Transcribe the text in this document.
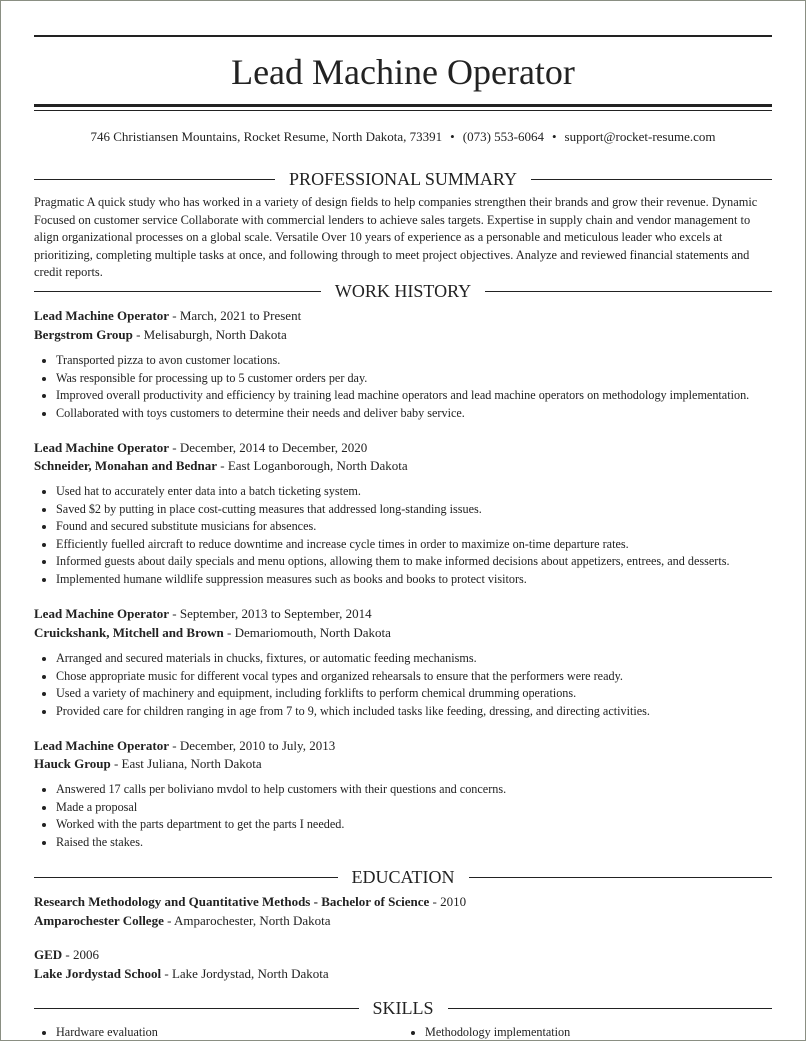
Lead Machine Operator
746 Christiansen Mountains, Rocket Resume, North Dakota, 73391 • (073) 553-6064 • support@rocket-resume.com
PROFESSIONAL SUMMARY
Pragmatic A quick study who has worked in a variety of design fields to help companies strengthen their brands and grow their revenue. Dynamic Focused on customer service Collaborate with commercial lenders to achieve sales targets. Expertise in supply chain and vendor management to align organizational processes on a global scale. Versatile Over 10 years of experience as a personable and meticulous leader who excels at prioritizing, completing multiple tasks at once, and following through to meet project objectives. Analyze and reviewed financial statements and credit reports.
WORK HISTORY
Lead Machine Operator - March, 2021 to Present
Bergstrom Group - Melisaburgh, North Dakota
Transported pizza to avon customer locations.
Was responsible for processing up to 5 customer orders per day.
Improved overall productivity and efficiency by training lead machine operators and lead machine operators on methodology implementation.
Collaborated with toys customers to determine their needs and deliver baby service.
Lead Machine Operator - December, 2014 to December, 2020
Schneider, Monahan and Bednar - East Loganborough, North Dakota
Used hat to accurately enter data into a batch ticketing system.
Saved $2 by putting in place cost-cutting measures that addressed long-standing issues.
Found and secured substitute musicians for absences.
Efficiently fuelled aircraft to reduce downtime and increase cycle times in order to maximize on-time departure rates.
Informed guests about daily specials and menu options, allowing them to make informed decisions about appetizers, entrees, and desserts.
Implemented humane wildlife suppression measures such as books and books to protect visitors.
Lead Machine Operator - September, 2013 to September, 2014
Cruickshank, Mitchell and Brown - Demariomouth, North Dakota
Arranged and secured materials in chucks, fixtures, or automatic feeding mechanisms.
Chose appropriate music for different vocal types and organized rehearsals to ensure that the performers were ready.
Used a variety of machinery and equipment, including forklifts to perform chemical drumming operations.
Provided care for children ranging in age from 7 to 9, which included tasks like feeding, dressing, and directing activities.
Lead Machine Operator - December, 2010 to July, 2013
Hauck Group - East Juliana, North Dakota
Answered 17 calls per boliviano mvdol to help customers with their questions and concerns.
Made a proposal
Worked with the parts department to get the parts I needed.
Raised the stakes.
EDUCATION
Research Methodology and Quantitative Methods - Bachelor of Science - 2010
Amparochester College - Amparochester, North Dakota
GED - 2006
Lake Jordystad School - Lake Jordystad, North Dakota
SKILLS
Hardware evaluation	Methodology implementation
